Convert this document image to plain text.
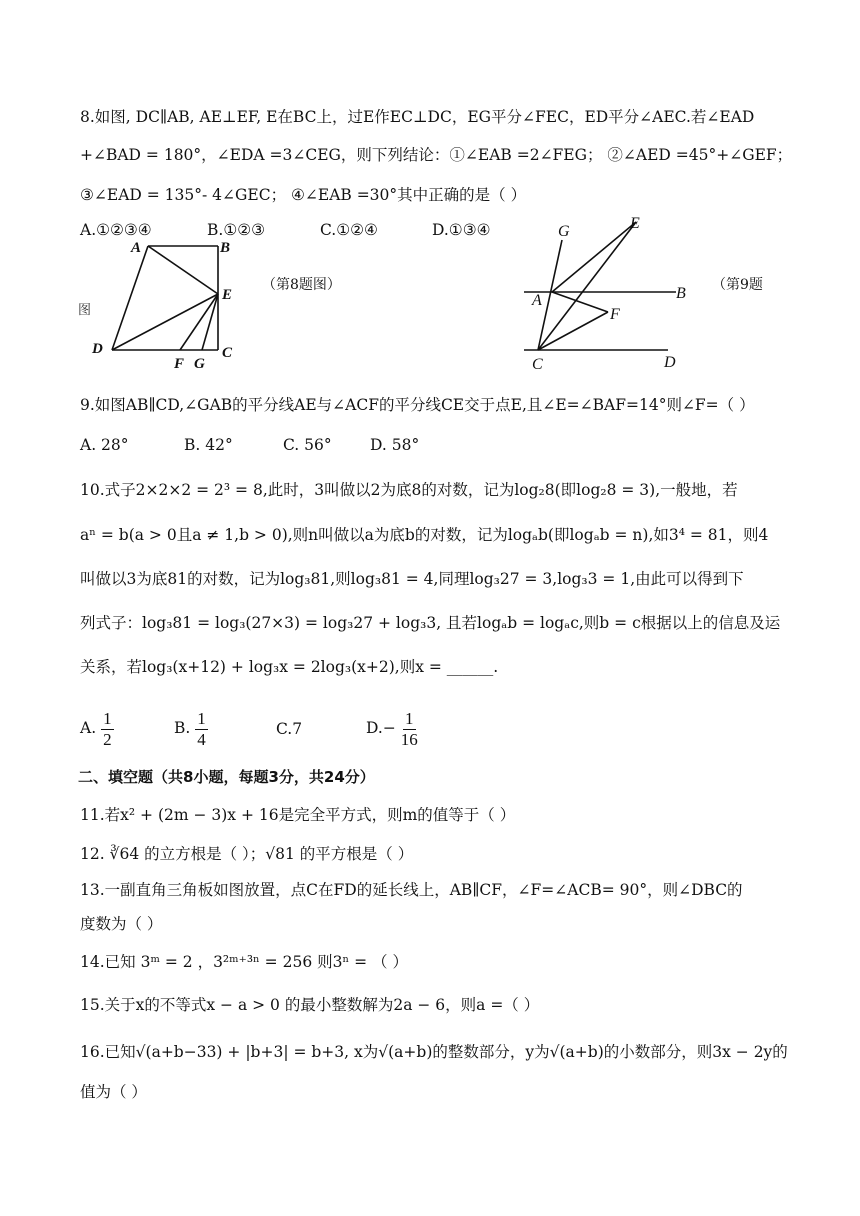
8.如图, DC∥AB, AE⊥EF, E在BC上，过E作EC⊥DC，EG平分∠FEC，ED平分∠AEC.若∠EAD
+∠BAD = 180°，∠EDA =3∠CEG，则下列结论：①∠EAB =2∠FEG； ②∠AED =45°+∠GEF；
③∠EAD = 135°- 4∠GEC； ④∠EAB =30°其中正确的是（ ）
A.①②③④	B.①②③	C.①②④	D.①③④
A	B
E
D
F G
C
图
（第8题图）
G	E
A	B
F
C	D
（第9题
9.如图AB∥CD,∠GAB的平分线AE与∠ACF的平分线CE交于点E,且∠E=∠BAF=14°则∠F=（ ）
A. 28°	B. 42°	C. 56° D. 58°
10.式子2×2×2 = 2³ = 8,此时，3叫做以2为底8的对数，记为log₂8(即log₂8 = 3),一般地，若
aⁿ = b(a > 0且a ≠ 1,b > 0),则n叫做以a为底b的对数，记为logₐb(即logₐb = n),如3⁴ = 81，则4
叫做以3为底81的对数，记为log₃81,则log₃81 = 4,同理log₃27 = 3,log₃3 = 1,由此可以得到下
列式子：log₃81 = log₃(27×3) = log₃27 + log₃3, 且若logₐb = logₐc,则b = c根据以上的信息及运
关系，若log₃(x+12) + log₃x = 2log₃(x+2),则x = ______.
A. $\frac{1}{2}$	B. $\frac{1}{4}$	C.7	$D.- \frac{1}{16}$
二、填空题（共8小题，每题3分，共24分）
11.若x² + (2m − 3)x + 16是完全平方式，则m的值等于（ ）
12. ∛64 的立方根是（ ）；√81 的平方根是（ ）
13.一副直角三角板如图放置，点C在FD的延长线上，AB∥CF，∠F=∠ACB= 90°，则∠DBC的
度数为（ ）
14.已知 3ᵐ = 2 ，3²ᵐ⁺³ⁿ = 256 则3ⁿ = （ ）
15.关于x的不等式x − a > 0 的最小整数解为2a − 6，则a =（ ）
16.已知√(a+b−33) + |b+3| = b+3, x为√(a+b)的整数部分，y为√(a+b)的小数部分，则3x − 2y的
值为（ ）
